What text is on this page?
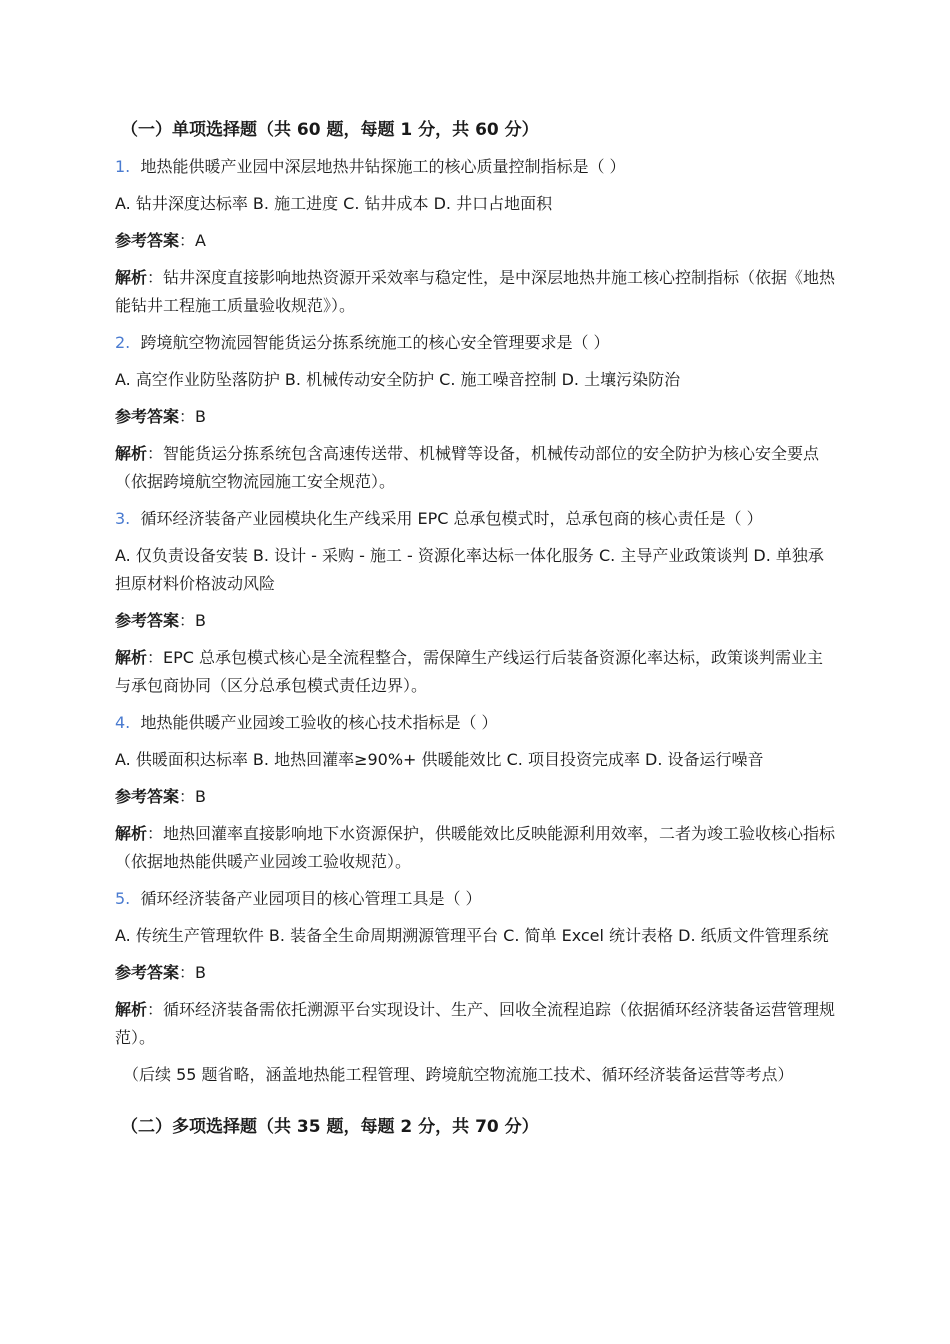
（一）单项选择题（共 60 题，每题 1 分，共 60 分）
1. 地热能供暖产业园中深层地热井钻探施工的核心质量控制指标是（ ）
A. 钻井深度达标率 B. 施工进度 C. 钻井成本 D. 井口占地面积
参考答案：A
解析：钻井深度直接影响地热资源开采效率与稳定性，是中深层地热井施工核心控制指标（依据《地热能钻井工程施工质量验收规范》）。
2. 跨境航空物流园智能货运分拣系统施工的核心安全管理要求是（ ）
A. 高空作业防坠落防护 B. 机械传动安全防护 C. 施工噪音控制 D. 土壤污染防治
参考答案：B
解析：智能货运分拣系统包含高速传送带、机械臂等设备，机械传动部位的安全防护为核心安全要点（依据跨境航空物流园施工安全规范）。
3. 循环经济装备产业园模块化生产线采用 EPC 总承包模式时，总承包商的核心责任是（ ）
A. 仅负责设备安装 B. 设计 - 采购 - 施工 - 资源化率达标一体化服务 C. 主导产业政策谈判 D. 单独承担原材料价格波动风险
参考答案：B
解析：EPC 总承包模式核心是全流程整合，需保障生产线运行后装备资源化率达标，政策谈判需业主与承包商协同（区分总承包模式责任边界）。
4. 地热能供暖产业园竣工验收的核心技术指标是（ ）
A. 供暖面积达标率 B. 地热回灌率≥90%+ 供暖能效比 C. 项目投资完成率 D. 设备运行噪音
参考答案：B
解析：地热回灌率直接影响地下水资源保护，供暖能效比反映能源利用效率，二者为竣工验收核心指标（依据地热能供暖产业园竣工验收规范）。
5. 循环经济装备产业园项目的核心管理工具是（ ）
A. 传统生产管理软件 B. 装备全生命周期溯源管理平台 C. 简单 Excel 统计表格 D. 纸质文件管理系统
参考答案：B
解析：循环经济装备需依托溯源平台实现设计、生产、回收全流程追踪（依据循环经济装备运营管理规范）。
（后续 55 题省略，涵盖地热能工程管理、跨境航空物流施工技术、循环经济装备运营等考点）
（二）多项选择题（共 35 题，每题 2 分，共 70 分）
